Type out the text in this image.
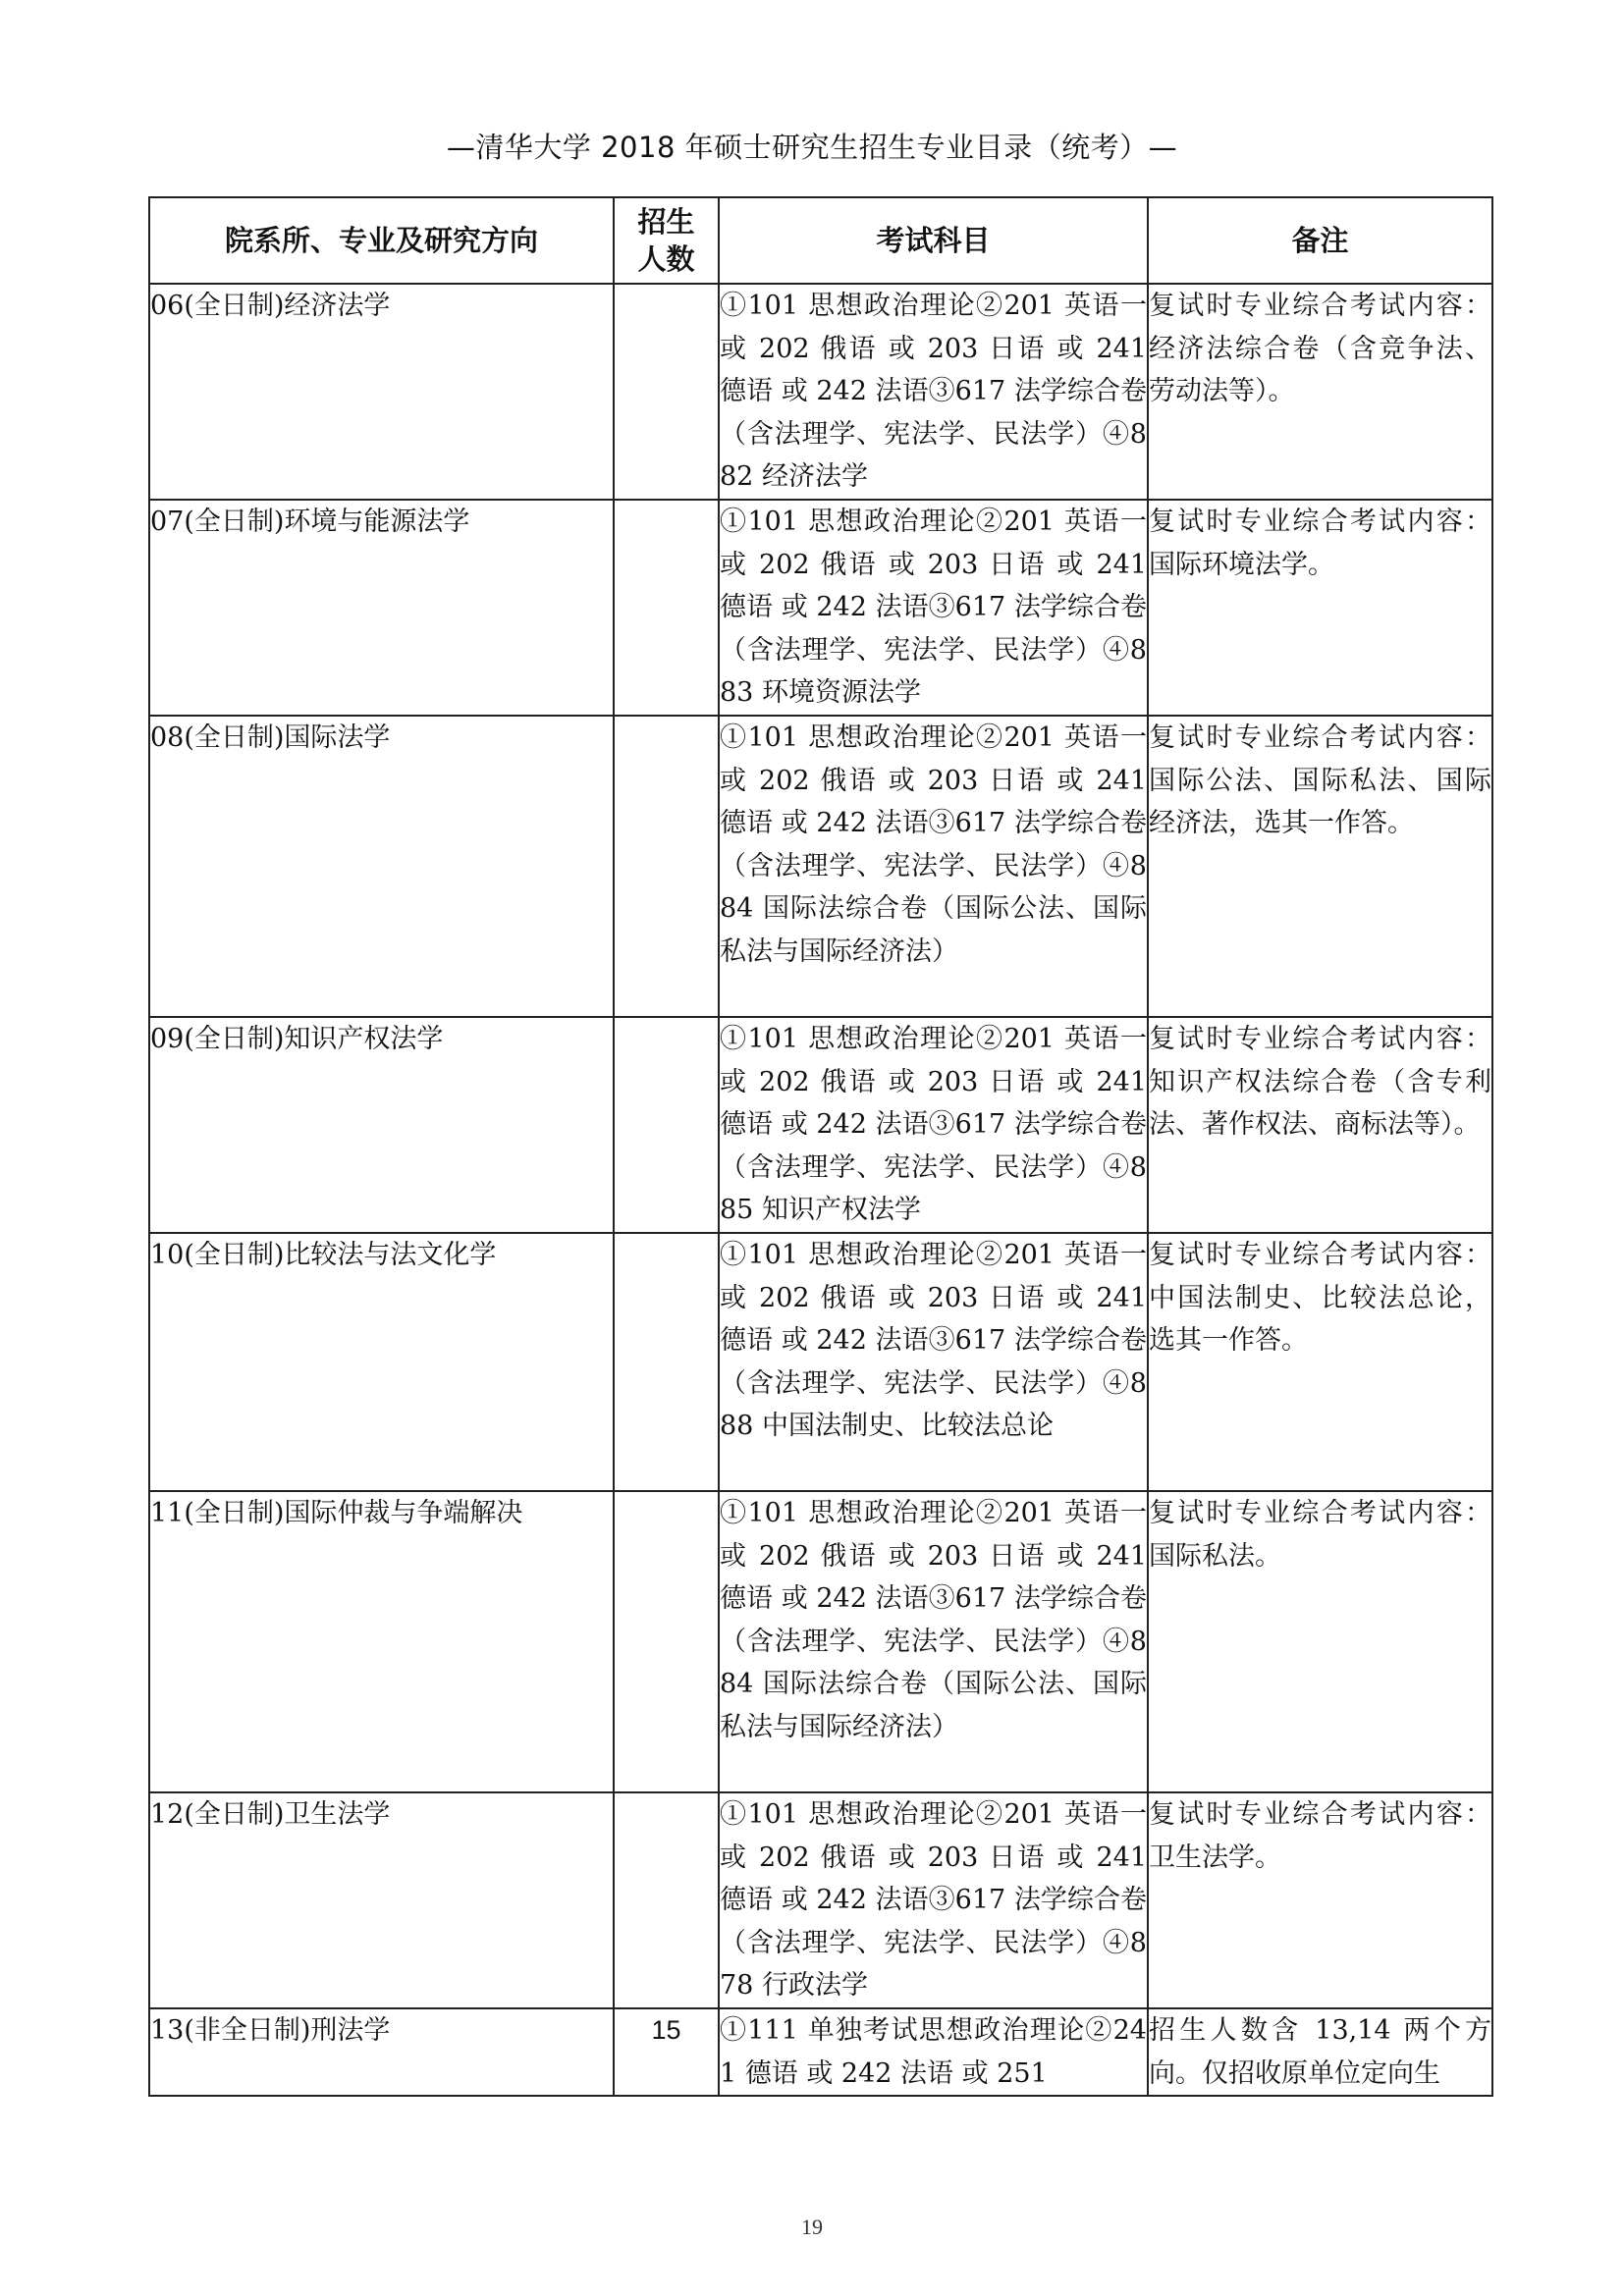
—清华大学 2018 年硕士研究生招生专业目录（统考）—
院系所、专业及研究方向	招生人数	考试科目	备注
06(全日制)经济法学		①101 思想政治理论②201 英语一 或 202 俄语 或 203 日语 或 241 德语 或 242 法语③617 法学综合卷（含法理学、宪法学、民法学）④882 经济法学	复试时专业综合考试内容：经济法综合卷（含竞争法、劳动法等）。
07(全日制)环境与能源法学		①101 思想政治理论②201 英语一 或 202 俄语 或 203 日语 或 241 德语 或 242 法语③617 法学综合卷（含法理学、宪法学、民法学）④883 环境资源法学	复试时专业综合考试内容：国际环境法学。
08(全日制)国际法学		①101 思想政治理论②201 英语一 或 202 俄语 或 203 日语 或 241 德语 或 242 法语③617 法学综合卷（含法理学、宪法学、民法学）④884 国际法综合卷（国际公法、国际私法与国际经济法）	复试时专业综合考试内容：国际公法、国际私法、国际经济法，选其一作答。
09(全日制)知识产权法学		①101 思想政治理论②201 英语一 或 202 俄语 或 203 日语 或 241 德语 或 242 法语③617 法学综合卷（含法理学、宪法学、民法学）④885 知识产权法学	复试时专业综合考试内容：知识产权法综合卷（含专利法、著作权法、商标法等）。
10(全日制)比较法与法文化学		①101 思想政治理论②201 英语一 或 202 俄语 或 203 日语 或 241 德语 或 242 法语③617 法学综合卷（含法理学、宪法学、民法学）④888 中国法制史、比较法总论	复试时专业综合考试内容：中国法制史、比较法总论，选其一作答。
11(全日制)国际仲裁与争端解决		①101 思想政治理论②201 英语一 或 202 俄语 或 203 日语 或 241 德语 或 242 法语③617 法学综合卷（含法理学、宪法学、民法学）④884 国际法综合卷（国际公法、国际私法与国际经济法）	复试时专业综合考试内容：国际私法。
12(全日制)卫生法学		①101 思想政治理论②201 英语一 或 202 俄语 或 203 日语 或 241 德语 或 242 法语③617 法学综合卷（含法理学、宪法学、民法学）④878 行政法学	复试时专业综合考试内容：卫生法学。
13(非全日制)刑法学	15	①111 单独考试思想政治理论②241 德语 或 242 法语 或 251	招生人数含 13,14 两个方向。仅招收原单位定向生
19
